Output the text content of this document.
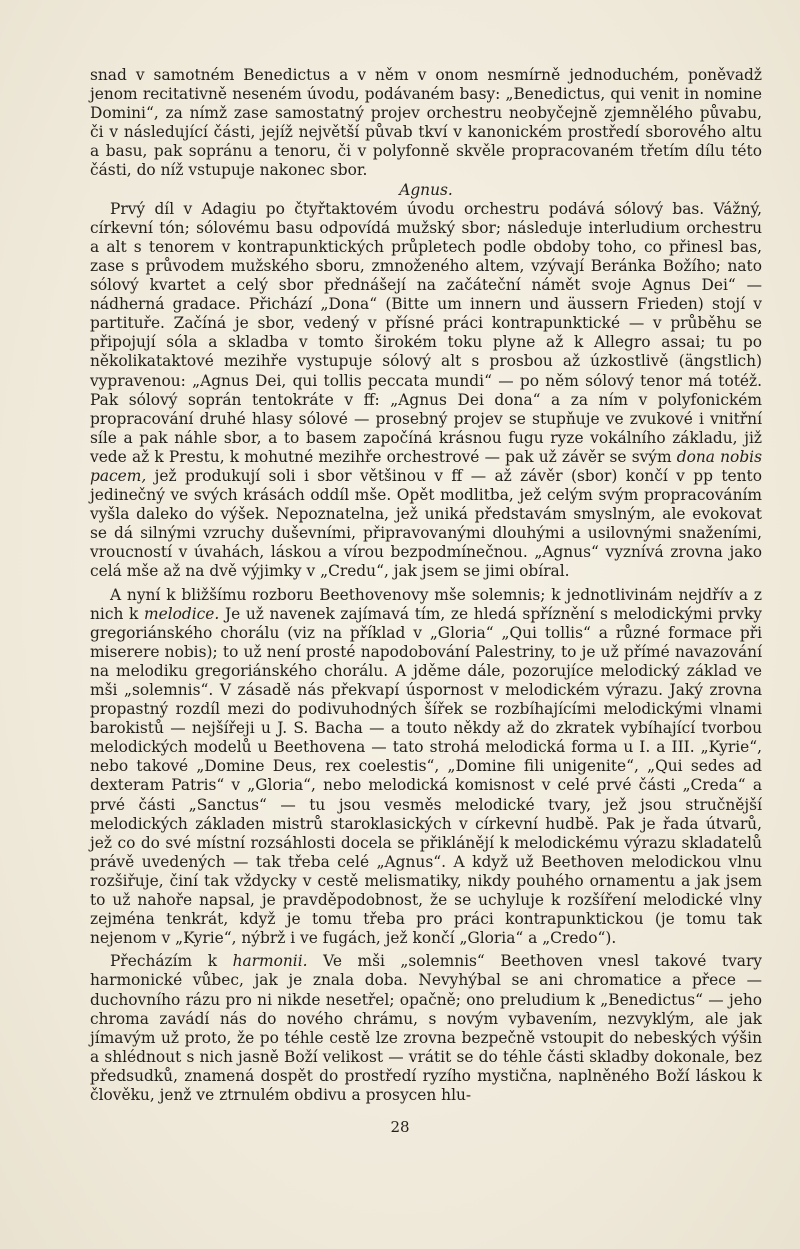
snad v samotném Benedictus a v něm v onom nesmírně jednoduchém, poněvadž jenom recitativně neseném úvodu, podávaném basy: „Benedictus, qui venit in nomine Domini“, za nímž zase samostatný projev orchestru neobyčejně zjemnělého půvabu, či v následující části, jejíž největší půvab tkví v kanonickém prostředí sborového altu a basu, pak sopránu a tenoru, či v polyfonně skvěle propracovaném třetím dílu této části, do níž vstupuje nakonec sbor.

Agnus.

Prvý díl v Adagiu po čtyřtaktovém úvodu orchestru podává sólový bas. Vážný, církevní tón; sólovému basu odpovídá mužský sbor; následuje interludium orchestru a alt s tenorem v kontrapunktických průpletech podle obdoby toho, co přinesl bas, zase s průvodem mužského sboru, zmnoženého altem, vzývají Beránka Božího; nato sólový kvartet a celý sbor přednášejí na začáteční námět svoje Agnus Dei“ — nádherná gradace. Přichází „Dona“ (Bitte um innern und äussern Frieden) stojí v partituře. Začíná je sbor, vedený v přísné práci kontrapunktické — v průběhu se připojují sóla a skladba v tomto širokém toku plyne až k Allegro assai; tu po několikataktové mezihře vystupuje sólový alt s prosbou až úzkostlivě (ängstlich) vypravenou: „Agnus Dei, qui tollis peccata mundi“ — po něm sólový tenor má totéž. Pak sólový soprán tentokráte v ff: „Agnus Dei dona“ a za ním v polyfonickém propracování druhé hlasy sólové — prosebný projev se stupňuje ve zvukové i vnitřní síle a pak náhle sbor, a to basem započíná krásnou fugu ryze vokálního základu, již vede až k Prestu, k mohutné mezihře orchestrové — pak už závěr se svým dona nobis pacem, jež produkují soli i sbor většinou v ff — až závěr (sbor) končí v pp tento jedinečný ve svých krásách oddíl mše. Opět modlitba, jež celým svým propracováním vyšla daleko do výšek. Nepoznatelna, jež uniká představám smyslným, ale evokovat se dá silnými vzruchy duševními, připravovanými dlouhými a usilovnými snaženími, vroucností v úvahách, láskou a vírou bezpodmínečnou. „Agnus“ vyznívá zrovna jako celá mše až na dvě výjimky v „Credu“, jak jsem se jimi obíral.

A nyní k bližšímu rozboru Beethovenovy mše solemnis; k jednotlivinám nejdřív a z nich k melodice. Je už navenek zajímavá tím, ze hledá spříznění s melodickými prvky gregoriánského chorálu (viz na příklad v „Gloria“ „Qui tollis“ a různé formace při miserere nobis); to už není prosté napodobování Palestriny, to je už přímé navazování na melodiku gregoriánského chorálu. A jděme dále, pozorujíce melodický základ ve mši „solemnis“. V zásadě nás překvapí úspornost v melodickém výrazu. Jaký zrovna propastný rozdíl mezi do podivuhodných šířek se rozbíhajícími melodickými vlnami barokistů — nejšířeji u J. S. Bacha — a touto někdy až do zkratek vybíhající tvorbou melodických modelů u Beethovena — tato strohá melodická forma u I. a III. „Kyrie“, nebo takové „Domine Deus, rex coelestis“, „Domine fili unigenite“, „Qui sedes ad dexteram Patris“ v „Gloria“, nebo melodická komisnost v celé prvé části „Creda“ a prvé části „Sanctus“ — tu jsou vesměs melodické tvary, jež jsou stručnější melodických základen mistrů staroklasických v církevní hudbě. Pak je řada útvarů, jež co do své místní rozsáhlosti docela se přiklánějí k melodickému výrazu skladatelů právě uvedených — tak třeba celé „Agnus“. A když už Beethoven melodickou vlnu rozšiřuje, činí tak vždycky v cestě melismatiky, nikdy pouhého ornamentu a jak jsem to už nahoře napsal, je pravděpodobnost, že se uchyluje k rozšíření melodické vlny zejména tenkrát, když je tomu třeba pro práci kontrapunktickou (je tomu tak nejenom v „Kyrie“, nýbrž i ve fugách, jež končí „Gloria“ a „Credo“).

Přecházím k harmonii. Ve mši „solemnis“ Beethoven vnesl takové tvary harmonické vůbec, jak je znala doba. Nevyhýbal se ani chromatice a přece — duchovního rázu pro ni nikde nesetřel; opačně; ono preludium k „Benedictus“ — jeho chroma zavádí nás do nového chrámu, s novým vybavením, nezvyklým, ale jak jímavým už proto, že po téhle cestě lze zrovna bezpečně vstoupit do nebeských výšin a shlédnout s nich jasně Boží velikost — vrátit se do téhle části skladby dokonale, bez předsudků, znamená dospět do prostředí ryzího mystična, naplněného Boží láskou k člověku, jenž ve ztrnulém obdivu a prosycen hlu-

28
